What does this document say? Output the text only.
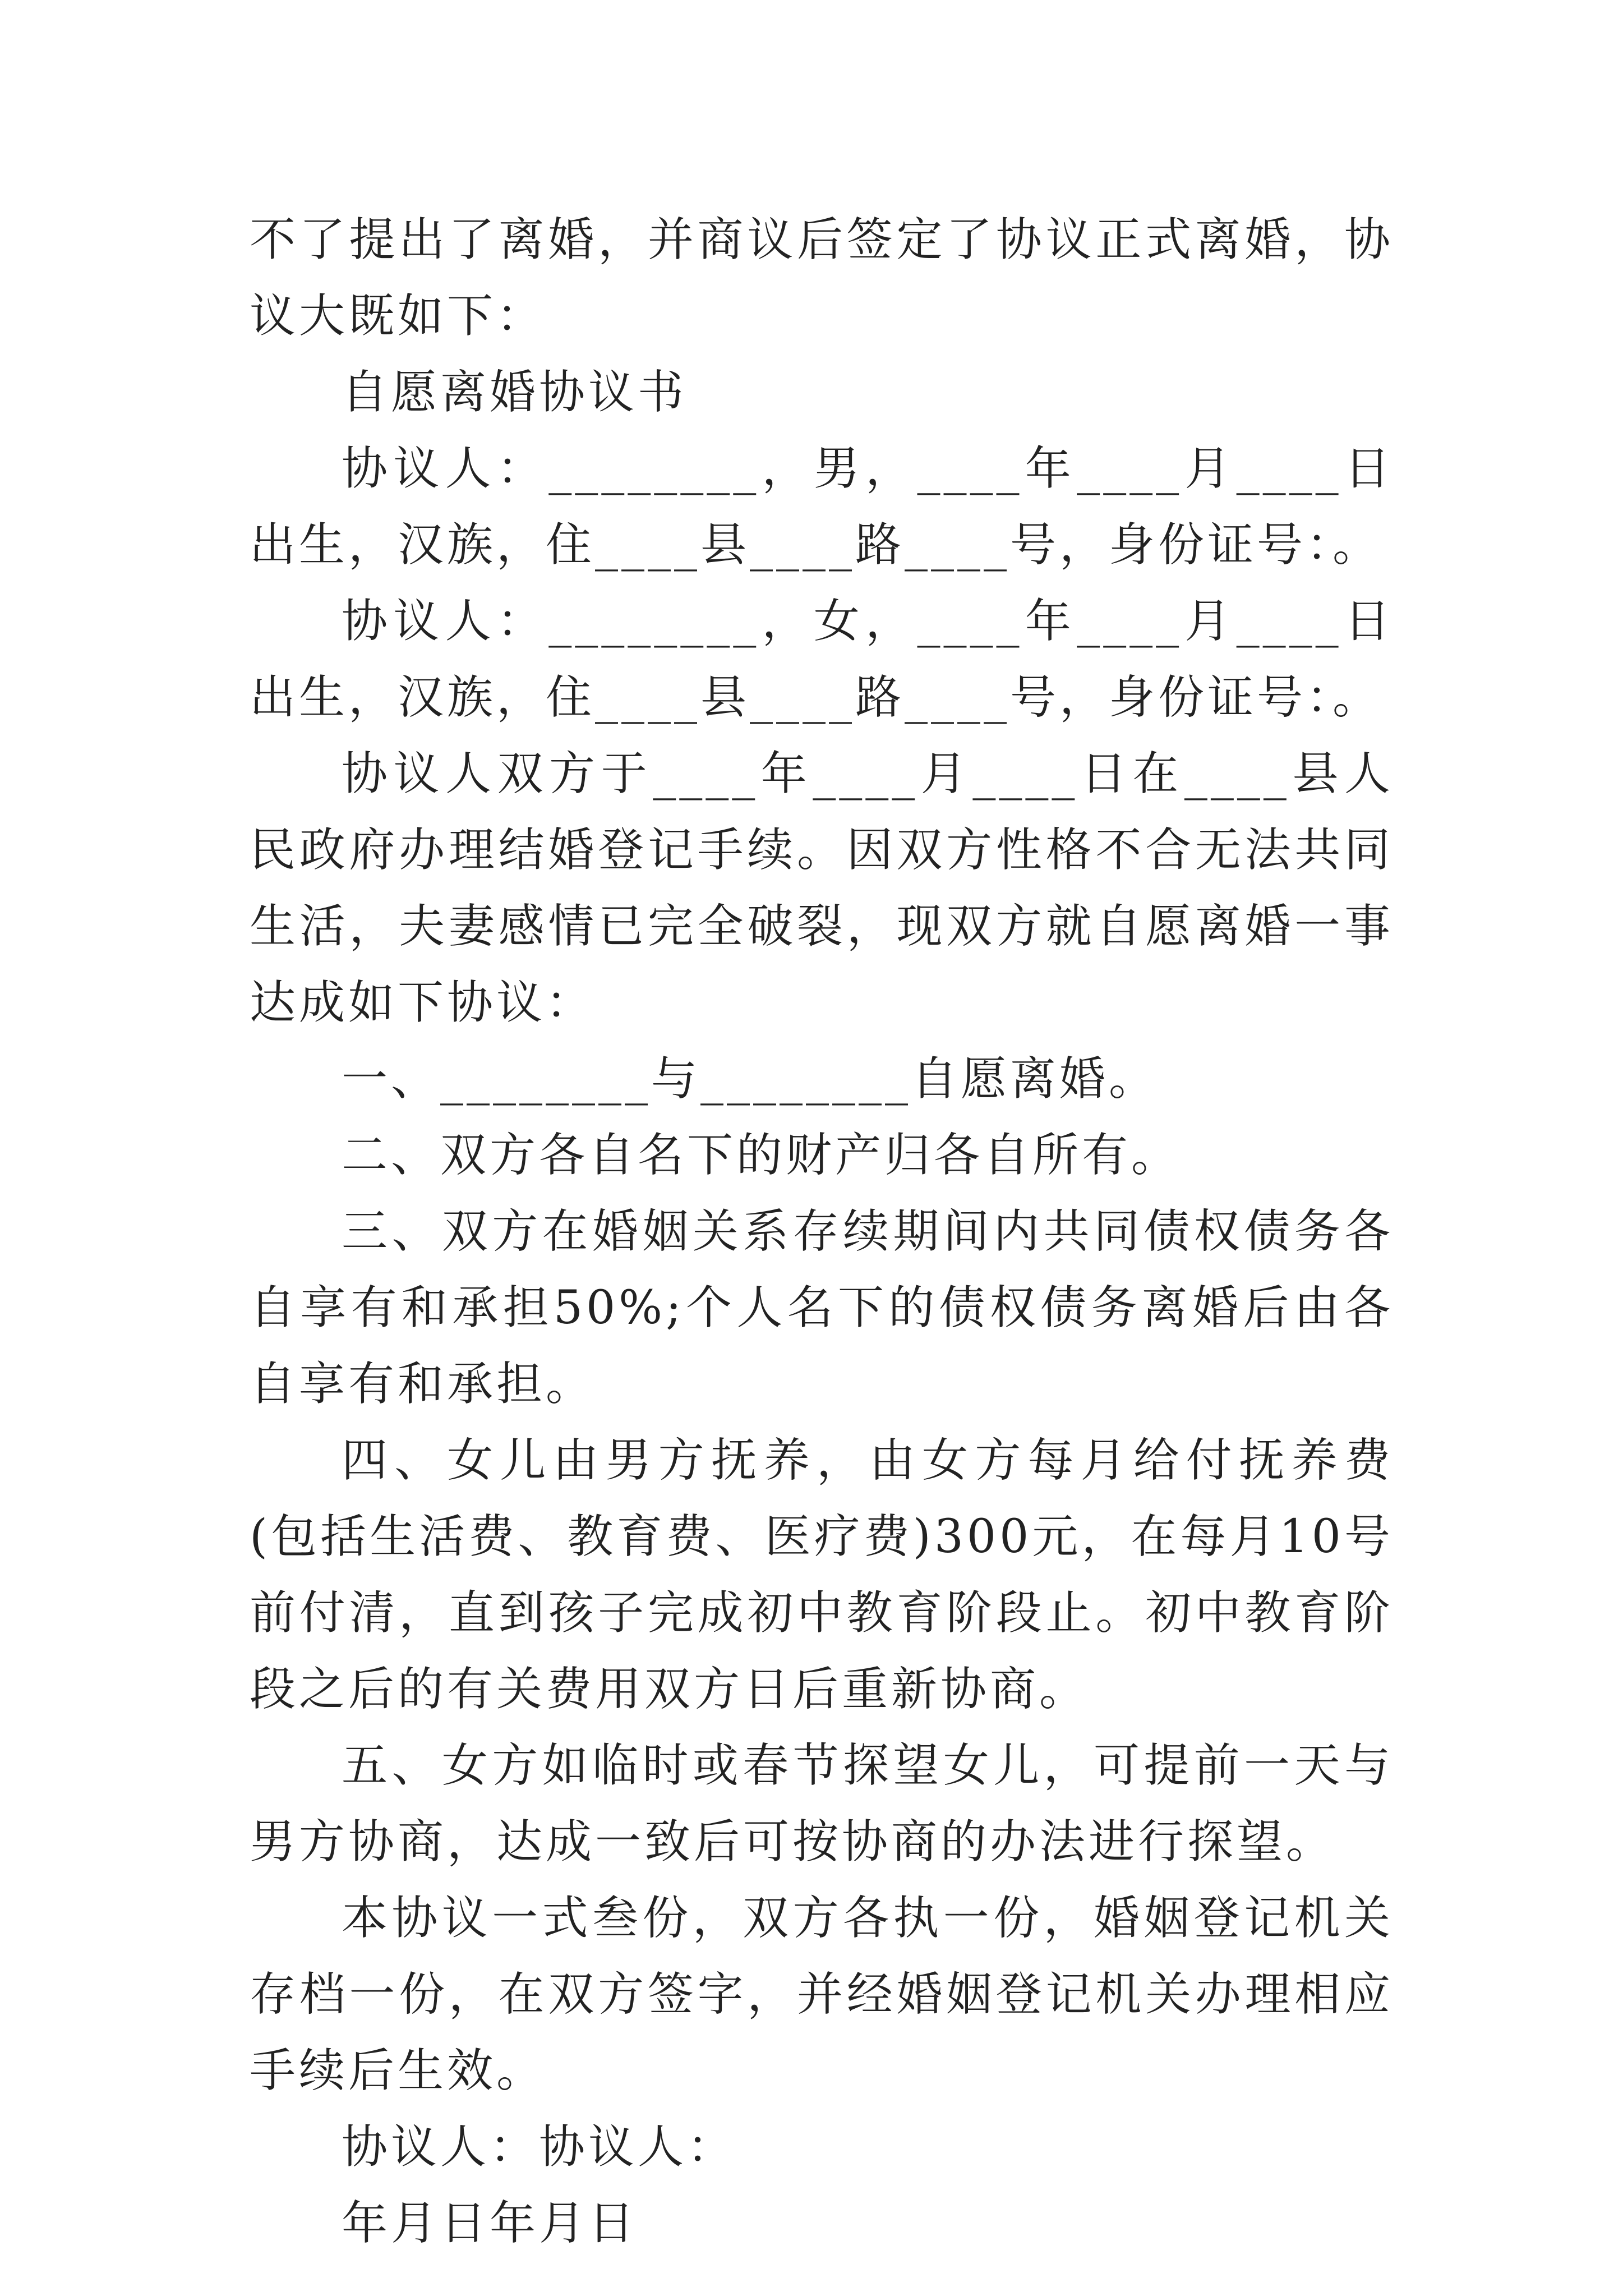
不了提出了离婚，并商议后签定了协议正式离婚，协议大既如下：

自愿离婚协议书

协议人：________，男，____年____月____日出生，汉族，住____县____路____号，身份证号：。

协议人：________，女，____年____月____日出生，汉族，住____县____路____号，身份证号：。

协议人双方于____年____月____日在____县人民政府办理结婚登记手续。因双方性格不合无法共同生活，夫妻感情已完全破裂，现双方就自愿离婚一事达成如下协议：

一、________与________自愿离婚。

二、双方各自名下的财产归各自所有。

三、双方在婚姻关系存续期间内共同债权债务各自享有和承担50%;个人名下的债权债务离婚后由各自享有和承担。

四、女儿由男方抚养，由女方每月给付抚养费(包括生活费、教育费、医疗费)300元，在每月10号前付清，直到孩子完成初中教育阶段止。初中教育阶段之后的有关费用双方日后重新协商。

五、女方如临时或春节探望女儿，可提前一天与男方协商，达成一致后可按协商的办法进行探望。

本协议一式叁份，双方各执一份，婚姻登记机关存档一份，在双方签字，并经婚姻登记机关办理相应手续后生效。

协议人：协议人：

年月日年月日
